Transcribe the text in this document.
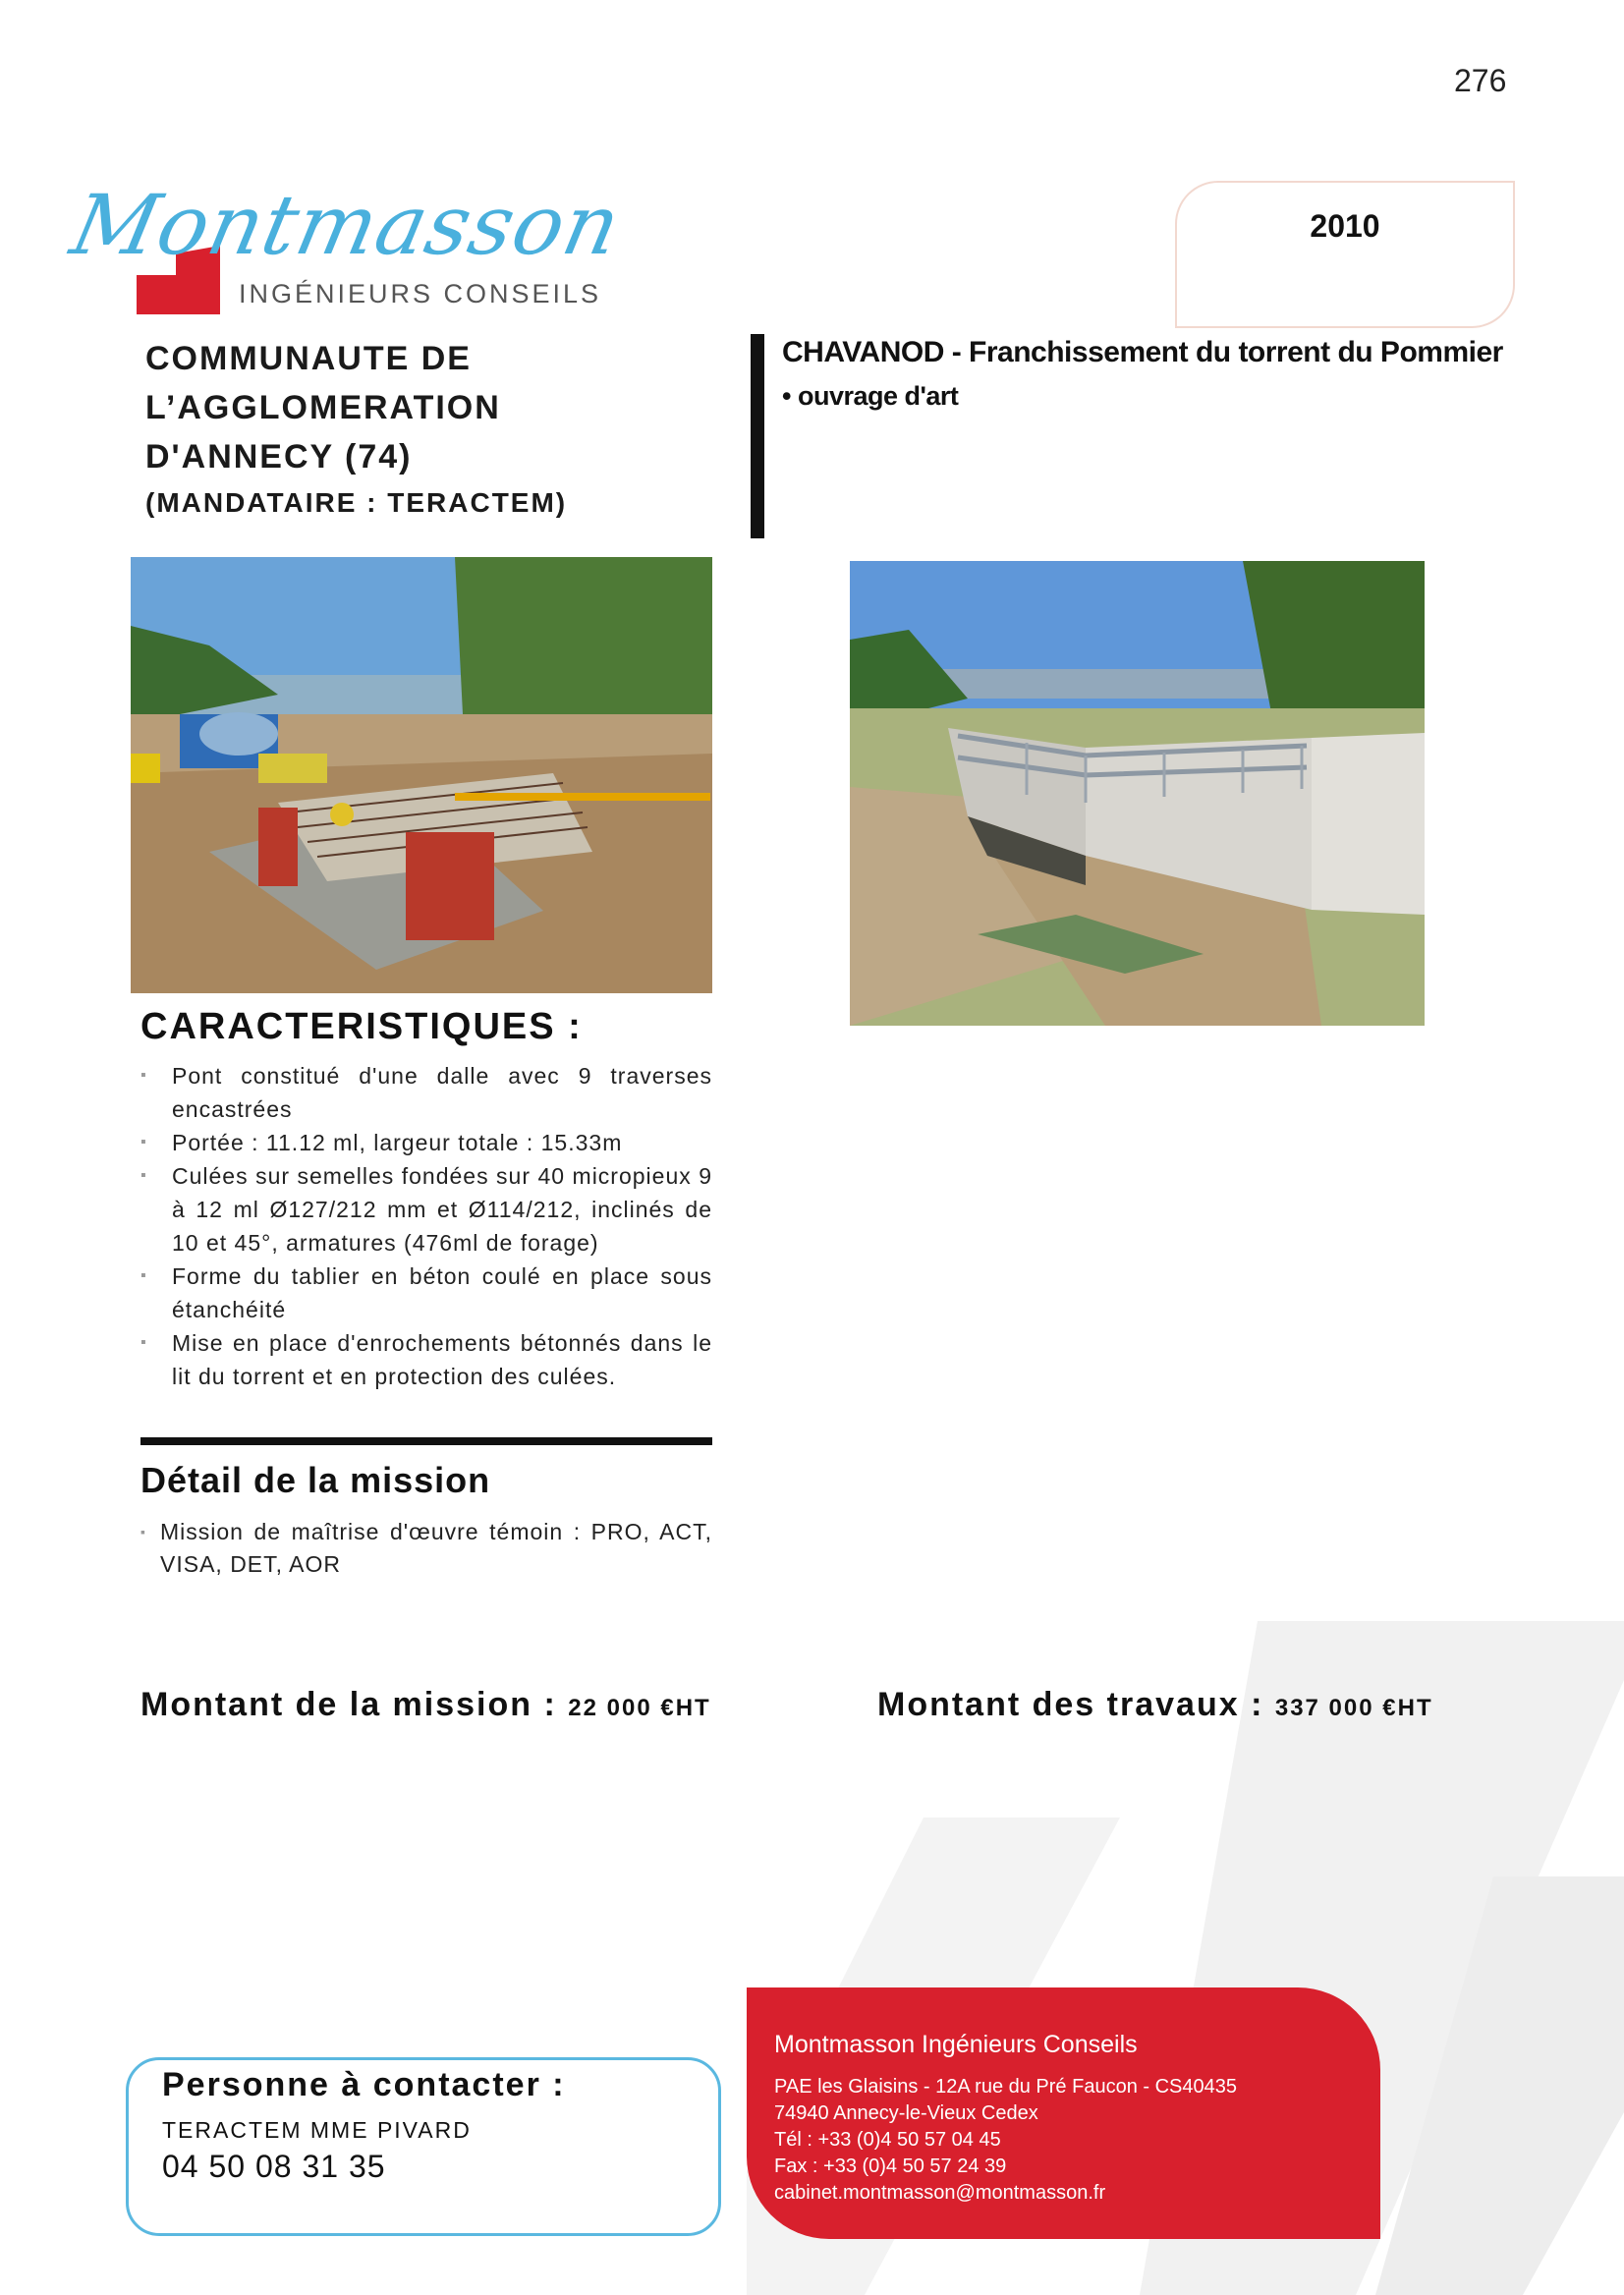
276
Montmasson
INGÉNIEURS CONSEILS
2010
COMMUNAUTE DE
L’AGGLOMERATION
D'ANNECY (74)
(MANDATAIRE : TERACTEM)
CHAVANOD - Franchissement du torrent du Pommier
• ouvrage d'art
CARACTERISTIQUES :
▪ Pont constitué d'une dalle avec 9 traverses encastrées
▪ Portée : 11.12 ml, largeur totale : 15.33m
▪ Culées sur semelles fondées sur 40 micropieux 9 à 12 ml Ø127/212 mm et Ø114/212, inclinés de 10 et 45°, armatures (476ml de forage)
▪ Forme du tablier en béton coulé en place sous étanchéité
▪ Mise en place d'enrochements bétonnés dans le lit du torrent et en protection des culées.
Détail de la mission
▪ Mission de maîtrise d'œuvre témoin : PRO, ACT, VISA, DET, AOR
Montant de la mission : 22 000 €HT	Montant des travaux : 337 000 €HT
Personne à contacter :
TERACTEM MME PIVARD
04 50 08 31 35
Montmasson Ingénieurs Conseils
PAE les Glaisins - 12A rue du Pré Faucon - CS40435
74940 Annecy-le-Vieux Cedex
Tél : +33 (0)4 50 57 04 45
Fax : +33 (0)4 50 57 24 39
cabinet.montmasson@montmasson.fr
